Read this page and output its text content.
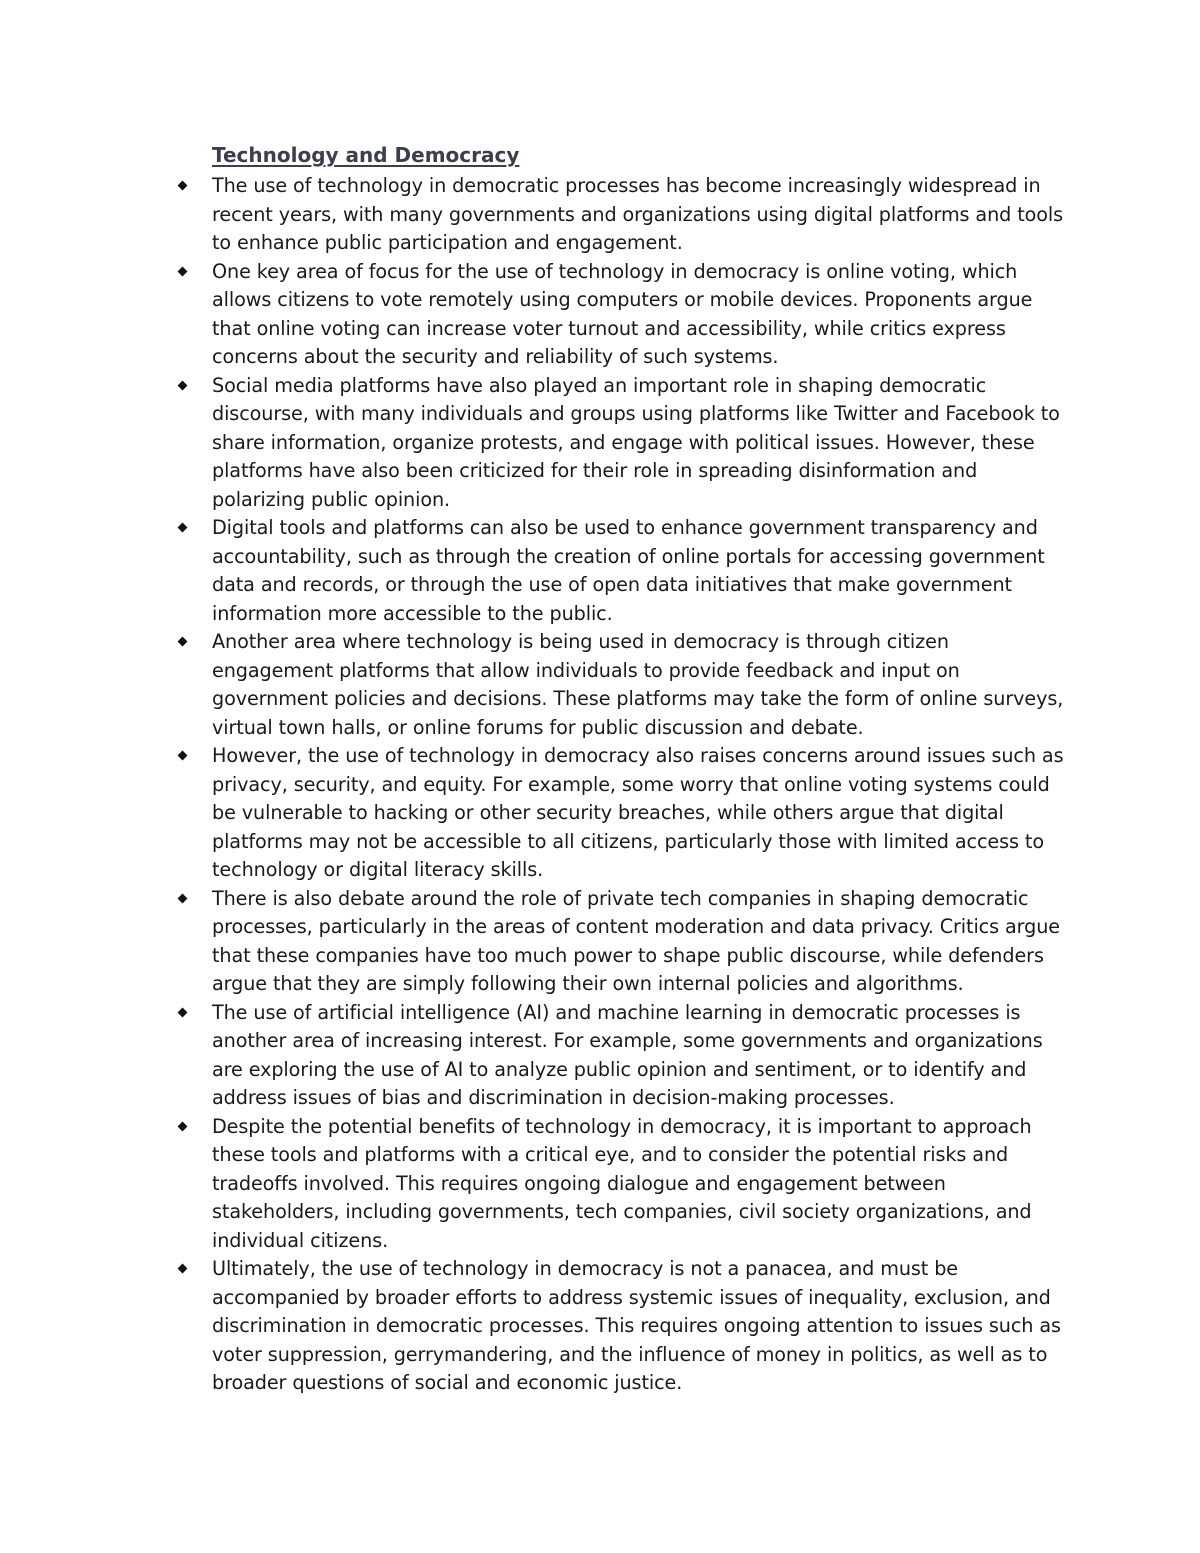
Technology and Democracy
The use of technology in democratic processes has become increasingly widespread in recent years, with many governments and organizations using digital platforms and tools to enhance public participation and engagement.
One key area of focus for the use of technology in democracy is online voting, which allows citizens to vote remotely using computers or mobile devices. Proponents argue that online voting can increase voter turnout and accessibility, while critics express concerns about the security and reliability of such systems.
Social media platforms have also played an important role in shaping democratic discourse, with many individuals and groups using platforms like Twitter and Facebook to share information, organize protests, and engage with political issues. However, these platforms have also been criticized for their role in spreading disinformation and polarizing public opinion.
Digital tools and platforms can also be used to enhance government transparency and accountability, such as through the creation of online portals for accessing government data and records, or through the use of open data initiatives that make government information more accessible to the public.
Another area where technology is being used in democracy is through citizen engagement platforms that allow individuals to provide feedback and input on government policies and decisions. These platforms may take the form of online surveys, virtual town halls, or online forums for public discussion and debate.
However, the use of technology in democracy also raises concerns around issues such as privacy, security, and equity. For example, some worry that online voting systems could be vulnerable to hacking or other security breaches, while others argue that digital platforms may not be accessible to all citizens, particularly those with limited access to technology or digital literacy skills.
There is also debate around the role of private tech companies in shaping democratic processes, particularly in the areas of content moderation and data privacy. Critics argue that these companies have too much power to shape public discourse, while defenders argue that they are simply following their own internal policies and algorithms.
The use of artificial intelligence (AI) and machine learning in democratic processes is another area of increasing interest. For example, some governments and organizations are exploring the use of AI to analyze public opinion and sentiment, or to identify and address issues of bias and discrimination in decision-making processes.
Despite the potential benefits of technology in democracy, it is important to approach these tools and platforms with a critical eye, and to consider the potential risks and tradeoffs involved. This requires ongoing dialogue and engagement between stakeholders, including governments, tech companies, civil society organizations, and individual citizens.
Ultimately, the use of technology in democracy is not a panacea, and must be accompanied by broader efforts to address systemic issues of inequality, exclusion, and discrimination in democratic processes. This requires ongoing attention to issues such as voter suppression, gerrymandering, and the influence of money in politics, as well as to broader questions of social and economic justice.
